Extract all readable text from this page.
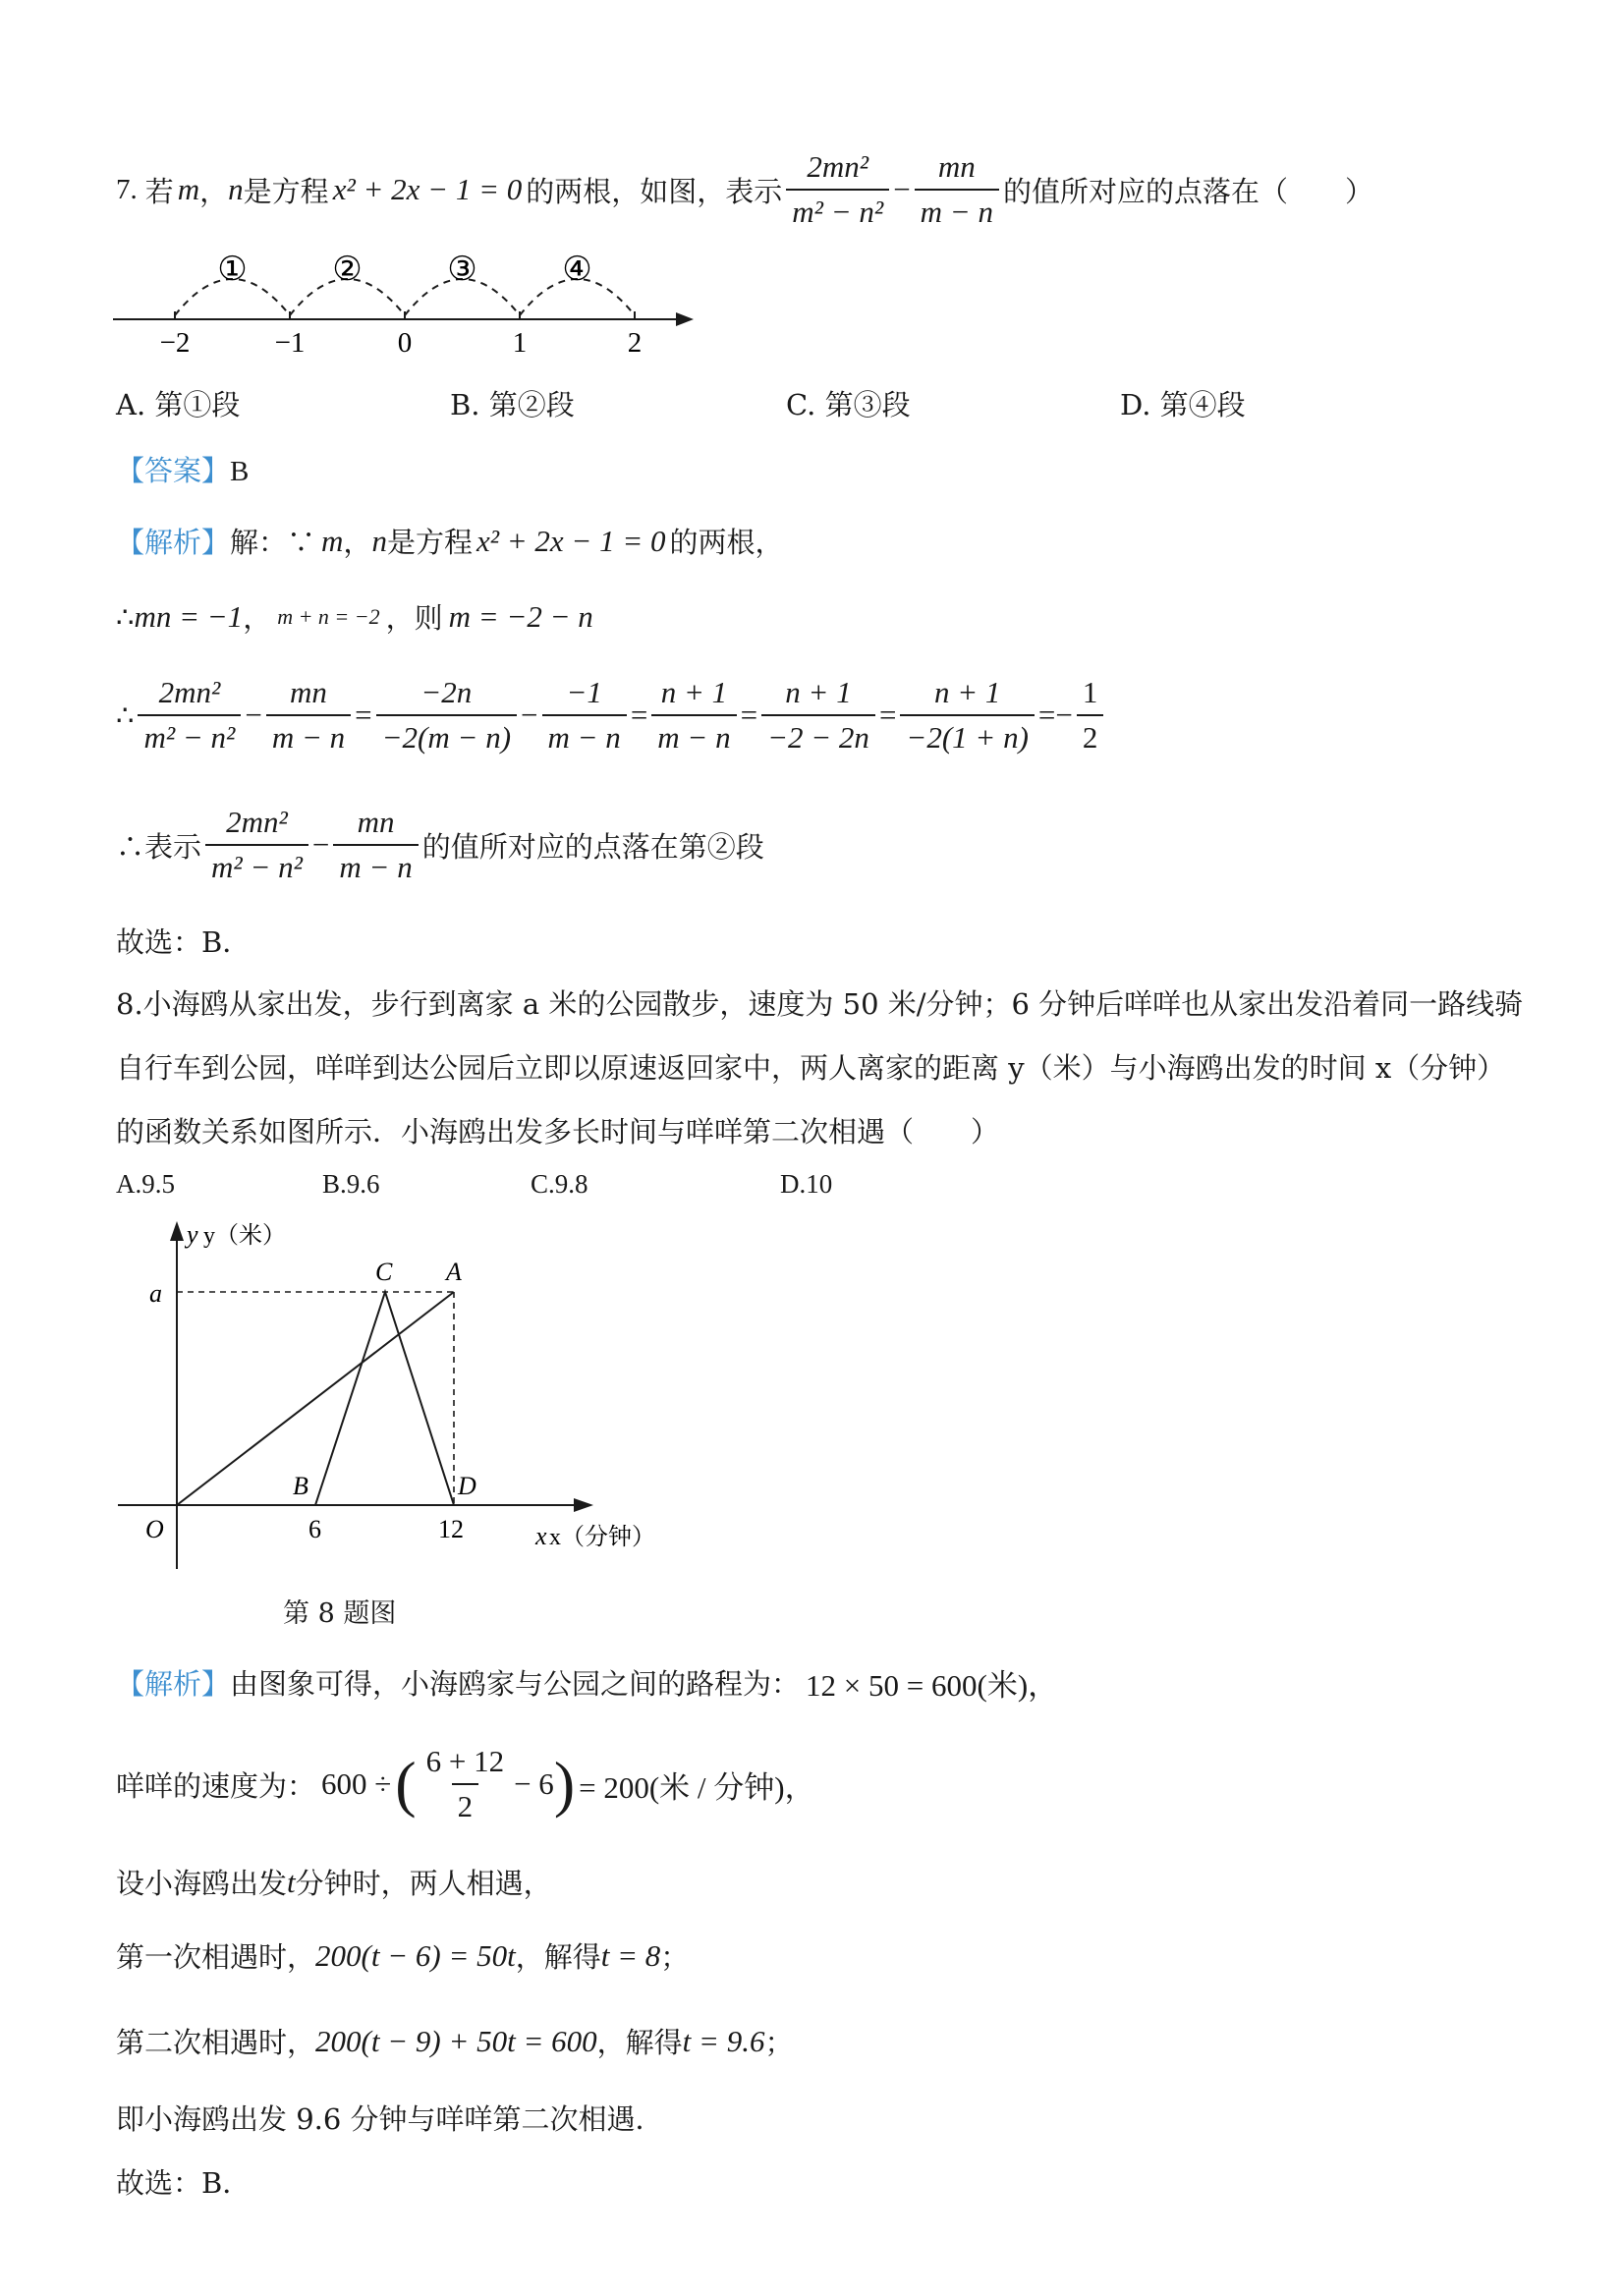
7. 若 m ， n 是方程 x² + 2x − 1 = 0 的两根，如图，表示 $\frac{\text{2mn²}}{\text{m² − n²}} - \frac{mn}{m - n}$ 的值所对应的点落在（　　）
−2	−1	0	1	2
①	②	③	④
A. 第①段	B. 第②段	C. 第③段	D. 第④段
【答案】B
【解析】 解：∵ m ， n 是方程 x² + 2x − 1 = 0 的两根，
∴ mn = −1 ， m + n = −2 ，则 m = −2 − n
∴ $\frac{\text{2mn²}}{\text{m² − n²}} - \frac{mn}{m - n} = \frac{-2n}{-2(m - n)} - \frac{-1}{m - n} = \frac{n + 1}{m - n} = \frac{n + 1}{-2 - 2n} = \frac{n + 1}{-2(1 + n)}$ = − $\frac{1}{2}$
∴表示 $\frac{\text{2mn²}}{\text{m² − n²}} - \frac{mn}{m - n}$ 的值所对应的点落在第②段
故选：B．
8.小海鸥从家出发，步行到离家 a 米的公园散步，速度为 50 米/分钟；6 分钟后咩咩也从家出发沿着同一路线骑
自行车到公园，咩咩到达公园后立即以原速返回家中，两人离家的距离 y（米）与小海鸥出发的时间 x（分钟）
的函数关系如图所示．小海鸥出发多长时间与咩咩第二次相遇（　　）
A.9.5	B.9.6	C.9.8	D.10
y y（米）
a
O
C A
B	D
6	12	x x（分钟）
第 8 题图
【解析】 由图象可得，小海鸥家与公园之间的路程为： 12 × 50 = 600(米)，
咩咩的速度为： 600 ÷ ( $\frac{6 + 12}{2} - 6$ ) = 200(米 / 分钟)，
设小海鸥出发 t 分钟时，两人相遇，
第一次相遇时， 200(t − 6) = 50t ，解得 t = 8 ；
第二次相遇时， 200(t − 9) + 50t = 600 ，解得 t = 9.6 ；
即小海鸥出发 9.6 分钟与咩咩第二次相遇．
故选：B．
